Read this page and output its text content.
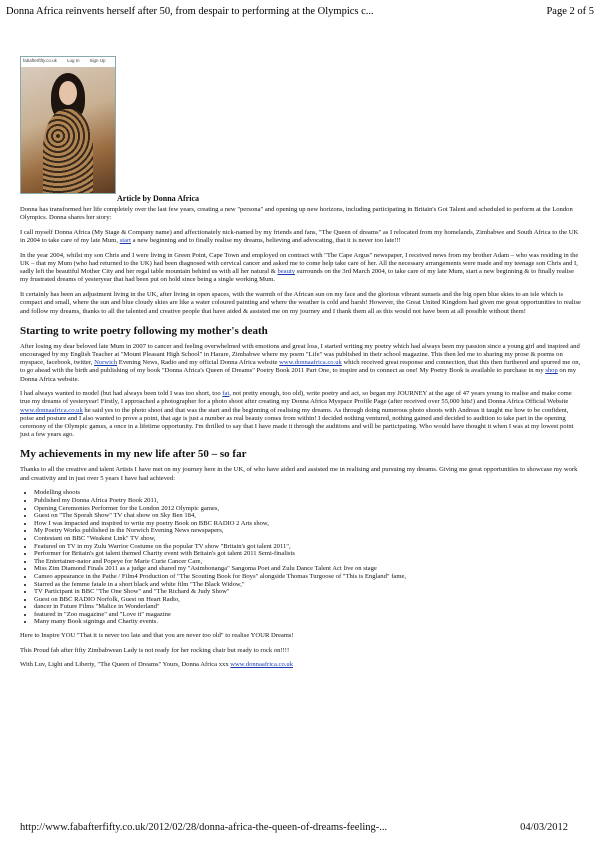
Donna Africa reinvents herself after 50, from despair to performing at the Olympics c...	Page 2 of 5
fabafterfifty.co.uk Log In Sign Up
Article by Donna Africa

Donna has transformed her life completely over the last few years, creating a new "persona" and opening up new horizons, including participating in Britain's Got Talent and scheduled to perform at the London Olympics. Donna shares her story:

I call myself Donna Africa (My Stage & Company name) and affectionately nick-named by my friends and fans, "The Queen of dreams" as I relocated from my homelands, Zimbabwe and South Africa to the UK in 2004 to take care of my late Mum, start a new beginning and to finally realise my dreams, believing and advocating, that it is never too late!!!

In the year 2004, whilst my son Chris and I were living in Green Point, Cape Town and employed on contract with "The Cape Argus" newspaper, I received news from my brother Adam – who was residing in the UK – that my Mum (who had returned to the UK) had been diagnosed with cervical cancer and asked me to come help take care of her. All the necessary arrangements were made and my teenage son Chris and I, sadly left the beautiful Mother City and her regal table mountain behind us with all her natural & beauty surrounds on the 3rd March 2004, to take care of my late Mum, start a new beginning & to finally realise my frustrated dreams of yesteryear that had been put on hold since being a single working Mum.

It certainly has been an adjustment living in the UK, after living in open spaces, with the warmth of the African sun on my face and the glorious vibrant sunsets and the big open blue skies to an isle which is compact and small, where the sun and blue cloudy skies are like a water coloured painting and where the weather is cold and harsh! However, the Great United Kingdom had given me great opportunities to realise and follow my dreams, thanks to all the talented and creative people that have aided & assisted me on my journey and I thank them all as this would not have been at all possible without them!

Starting to write poetry following my mother's death

After losing my dear beloved late Mum in 2007 to cancer and feeling overwhelmed with emotions and great loss, I started writing my poetry which had always been my passion since a young girl and inspired and encouraged by my English Teacher at "Mount Pleasant High School" in Harare, Zimbabwe where my poem "Life" was published in their school magazine. This then led me to sharing my prose & poems on myspace, facebook, twitter, Norwich Evening News, Radio and my official Donna Africa website www.donnaafrica.co.uk which received great response and connection, that this then furthered and spurred me on, to go ahead with the birth and publishing of my book "Donna Africa's Queen of Dreams" Poetry Book 2011 Part One, to inspire and to connect as one! My Poetry Book is available to purchase in my shop on my Donna Africa website.

I had always wanted to model (but had always been told I was too short, too fat, not pretty enough, too old), write poetry and act, so began my JOURNEY at the age of 47 years young to realise and make come true my dreams of yesteryear! Firstly, I approached a photographer for a photo shoot after creating my Donna Africa Myspace Profile Page (after received over 55,000 hits!) and Donna Africa Official Website www.donnaafrica.co.uk he said yes to the photo shoot and that was the start and the beginning of realising my dreams. As through doing numerous photo shoots with Andreas it taught me how to be confident, poise and posture and I also wanted to prove a point, that age is just a number as real beauty comes from within! I decided nothing ventured, nothing gained and decided to audition to take part in the opening ceremony of the Olympic games, a once in a lifetime opportunity. I'm thrilled to say that I have made it through the auditions and will be participating. Who would have thought it when I was at my lowest point just a few years ago.

My achievements in my new life after 50 – so far

Thanks to all the creative and talent Artists I have met on my journey here in the UK, of who have aided and assisted me in realising and pursuing my dreams. Giving me great opportunities to showcase my work and creativity and in just over 5 years I have had achieved:

• Modelling shoots
• Published my Donna Africa Poetry Book 2011,
• Opening Ceremonies Performer for the London 2012 Olympic games,
• Guest on "The Sporah Show" TV chat show on Sky Ben 184,
• How I was impacted and inspired to write my poetry Book on BBC RADIO 2 Arts show,
• My Poetry Works published in the Norwich Evening News newspapers,
• Contestant on BBC "Weakest Link" TV show,
• Featured on TV in my Zulu Warrior Costume on the popular TV show "Britain's got talent 2011",
• Performer for Britain's got talent themed Charity event with Britain's got talent 2011 Semi-finalists
• The Entertainer-nator and Popeye for Marie Curie Cancer Care,
• Miss Zim Diamond Finals 2011 as a judge and shared my "Asimbonanga" Sangoma Poet and Zulu Dance Talent Act live on stage
• Cameo appearance in the Pathe / Film4 Production of "The Scouting Book for Boys" alongside Thomas Turgoose of "This is England" fame,
• Starred as the femme fatale in a short black and white film "The Black Widow,"
• TV Participant in BBC "The One Show" and "The Richard & Judy Show"
• Guest on BBC RADIO Norfolk, Guest on Heart Radio,
• dancer in Future Films "Malice in Wonderland"
• featured in "Zoo magazine" and "Love it" magazine
• Many many Book signings and Charity events.

Here to Inspire YOU "That it is never too late and that you are never too old" to realise YOUR Dreams!

This Proud fab after fifty Zimbabwean Lady is not ready for her rocking chair but ready to rock on!!!!

With Luv, Light and Liberty, "The Queen of Dreams" Yours, Donna Africa xxx www.donnaafrica.co.uk

http://www.fabafterfifty.co.uk/2012/02/28/donna-africa-the-queen-of-dreams-feeling-...	04/03/2012
